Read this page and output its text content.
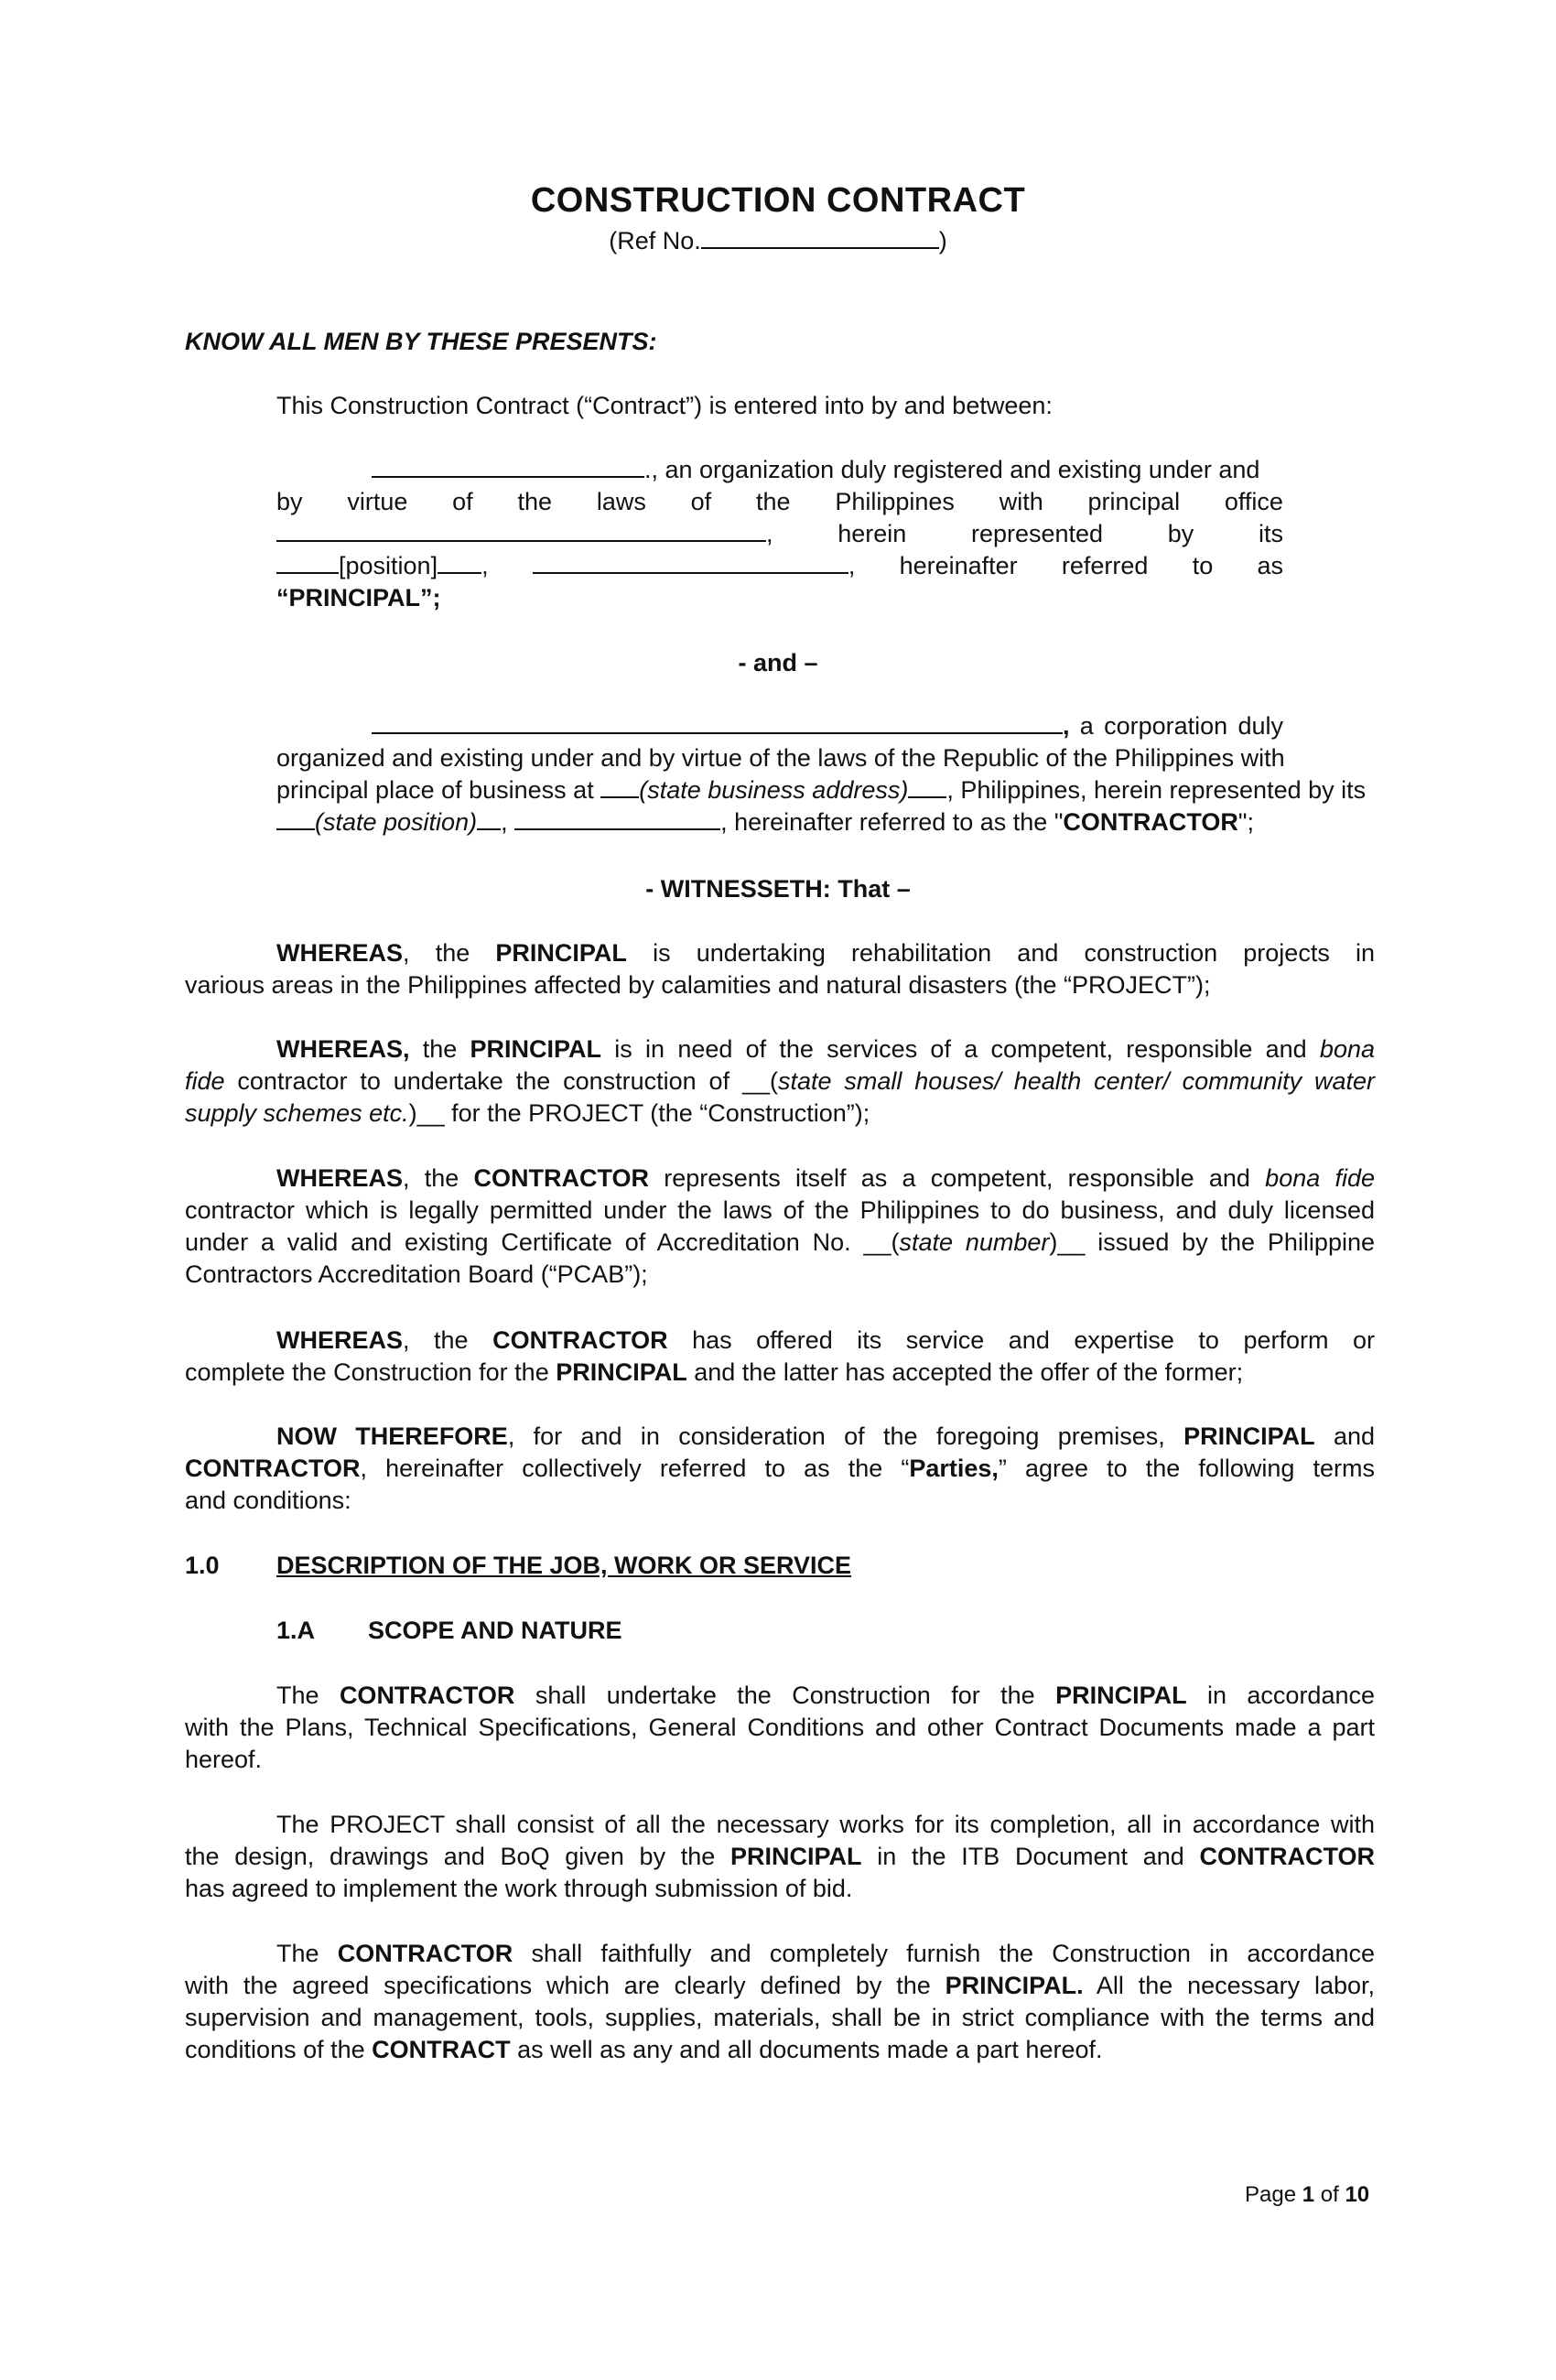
CONSTRUCTION CONTRACT
(Ref No.	)
KNOW ALL MEN BY THESE PRESENTS:
This Construction Contract (“Contract”) is entered into by and between:
., an organization duly registered and existing under and
by virtue of the laws of the Philippines with principal office
,	herein	represented	by	its
[position] ,	, hereinafter referred to as
“PRINCIPAL”;
- and –
, a corporation duly
organized and existing under and by virtue of the laws of the Republic of the Philippines with
principal place of business at (state business address) , Philippines, herein represented by its
(state position) ,	, hereinafter referred to as the "CONTRACTOR";
- WITNESSETH: That –
WHEREAS, the PRINCIPAL is undertaking rehabilitation and construction projects in
various areas in the Philippines affected by calamities and natural disasters (the “PROJECT”);
WHEREAS, the PRINCIPAL is in need of the services of a competent, responsible and bona
fide contractor to undertake the construction of __(state small houses/ health center/ community water
supply schemes etc.)__ for the PROJECT (the “Construction”);
WHEREAS, the CONTRACTOR represents itself as a competent, responsible and bona fide
contractor which is legally permitted under the laws of the Philippines to do business, and duly licensed
under a valid and existing Certificate of Accreditation No. __(state number)__ issued by the Philippine
Contractors Accreditation Board (“PCAB”);
WHEREAS, the CONTRACTOR has offered its service and expertise to perform or
complete the Construction for the PRINCIPAL and the latter has accepted the offer of the former;
NOW THEREFORE, for and in consideration of the foregoing premises, PRINCIPAL and
CONTRACTOR, hereinafter collectively referred to as the “Parties,” agree to the following terms
and conditions:
1.0 DESCRIPTION OF THE JOB, WORK OR SERVICE
1.A SCOPE AND NATURE
The CONTRACTOR shall undertake the Construction for the PRINCIPAL in accordance
with the Plans, Technical Specifications, General Conditions and other Contract Documents made a part
hereof.
The PROJECT shall consist of all the necessary works for its completion, all in accordance with
the design, drawings and BoQ given by the PRINCIPAL in the ITB Document and CONTRACTOR
has agreed to implement the work through submission of bid.
The CONTRACTOR shall faithfully and completely furnish the Construction in accordance
with the agreed specifications which are clearly defined by the PRINCIPAL. All the necessary labor,
supervision and management, tools, supplies, materials, shall be in strict compliance with the terms and
conditions of the CONTRACT as well as any and all documents made a part hereof.
Page 1 of 10
